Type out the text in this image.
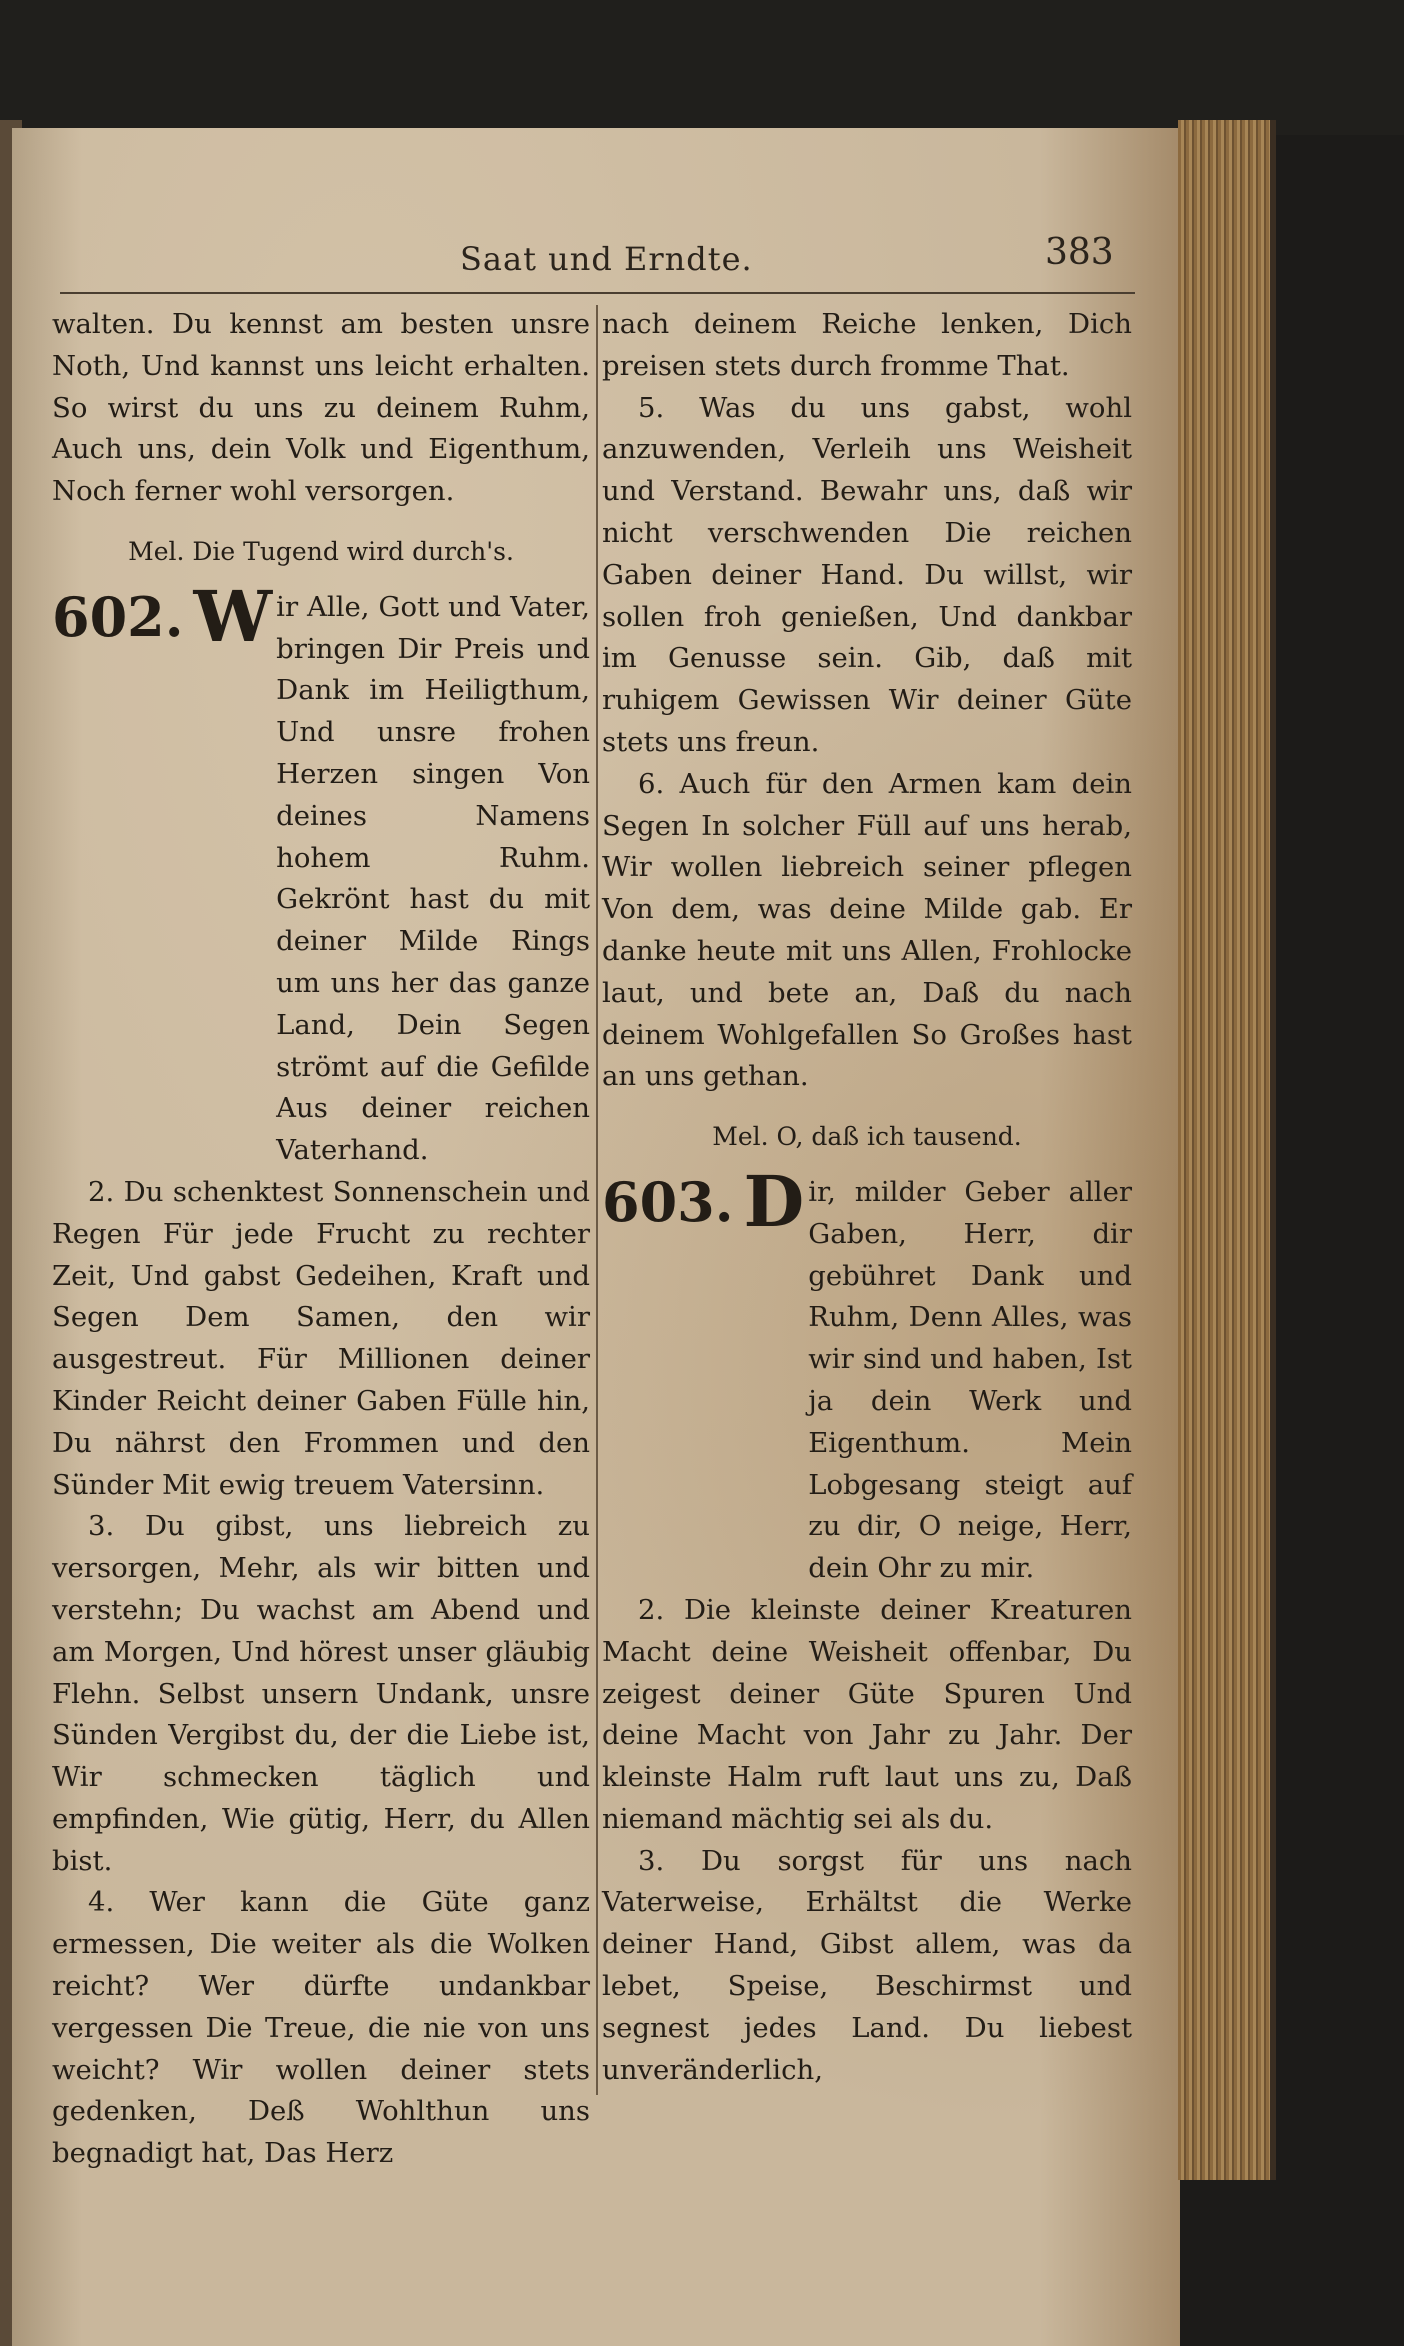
Saat und Erndte.	383

walten. Du kennst am besten unsre Noth, Und kannst uns leicht erhalten. So wirst du uns zu deinem Ruhm, Auch uns, dein Volk und Eigenthum, Noch ferner wohl versorgen.

Mel. Die Tugend wird durch's.

602. W ir Alle, Gott und Vater, bringen Dir Preis und Dank im Heiligthum, Und unsre frohen Herzen singen Von deines Namens hohem Ruhm. Gekrönt hast du mit deiner Milde Rings um uns her das ganze Land, Dein Segen strömt auf die Gefilde Aus deiner reichen Vaterhand.

2. Du schenktest Sonnenschein und Regen Für jede Frucht zu rechter Zeit, Und gabst Gedeihen, Kraft und Segen Dem Samen, den wir ausgestreut. Für Millionen deiner Kinder Reicht deiner Gaben Fülle hin, Du nährst den Frommen und den Sünder Mit ewig treuem Vatersinn.

3. Du gibst, uns liebreich zu versorgen, Mehr, als wir bitten und verstehn; Du wachst am Abend und am Morgen, Und hörest unser gläubig Flehn. Selbst unsern Undank, unsre Sünden Vergibst du, der die Liebe ist, Wir schmecken täglich und empfinden, Wie gütig, Herr, du Allen bist.

4. Wer kann die Güte ganz ermessen, Die weiter als die Wolken reicht? Wer dürfte undankbar vergessen Die Treue, die nie von uns weicht? Wir wollen deiner stets gedenken, Deß Wohlthun uns begnadigt hat, Das Herz

nach deinem Reiche lenken, Dich preisen stets durch fromme That.

5. Was du uns gabst, wohl anzuwenden, Verleih uns Weisheit und Verstand. Bewahr uns, daß wir nicht verschwenden Die reichen Gaben deiner Hand. Du willst, wir sollen froh genießen, Und dankbar im Genusse sein. Gib, daß mit ruhigem Gewissen Wir deiner Güte stets uns freun.

6. Auch für den Armen kam dein Segen In solcher Füll auf uns herab, Wir wollen liebreich seiner pflegen Von dem, was deine Milde gab. Er danke heute mit uns Allen, Frohlocke laut, und bete an, Daß du nach deinem Wohlgefallen So Großes hast an uns gethan.

Mel. O, daß ich tausend.

603. D ir, milder Geber aller Gaben, Herr, dir gebühret Dank und Ruhm, Denn Alles, was wir sind und haben, Ist ja dein Werk und Eigenthum. Mein Lobgesang steigt auf zu dir, O neige, Herr, dein Ohr zu mir.

2. Die kleinste deiner Kreaturen Macht deine Weisheit offenbar, Du zeigest deiner Güte Spuren Und deine Macht von Jahr zu Jahr. Der kleinste Halm ruft laut uns zu, Daß niemand mächtig sei als du.

3. Du sorgst für uns nach Vaterweise, Erhältst die Werke deiner Hand, Gibst allem, was da lebet, Speise, Beschirmst und segnest jedes Land. Du liebest unveränderlich,
